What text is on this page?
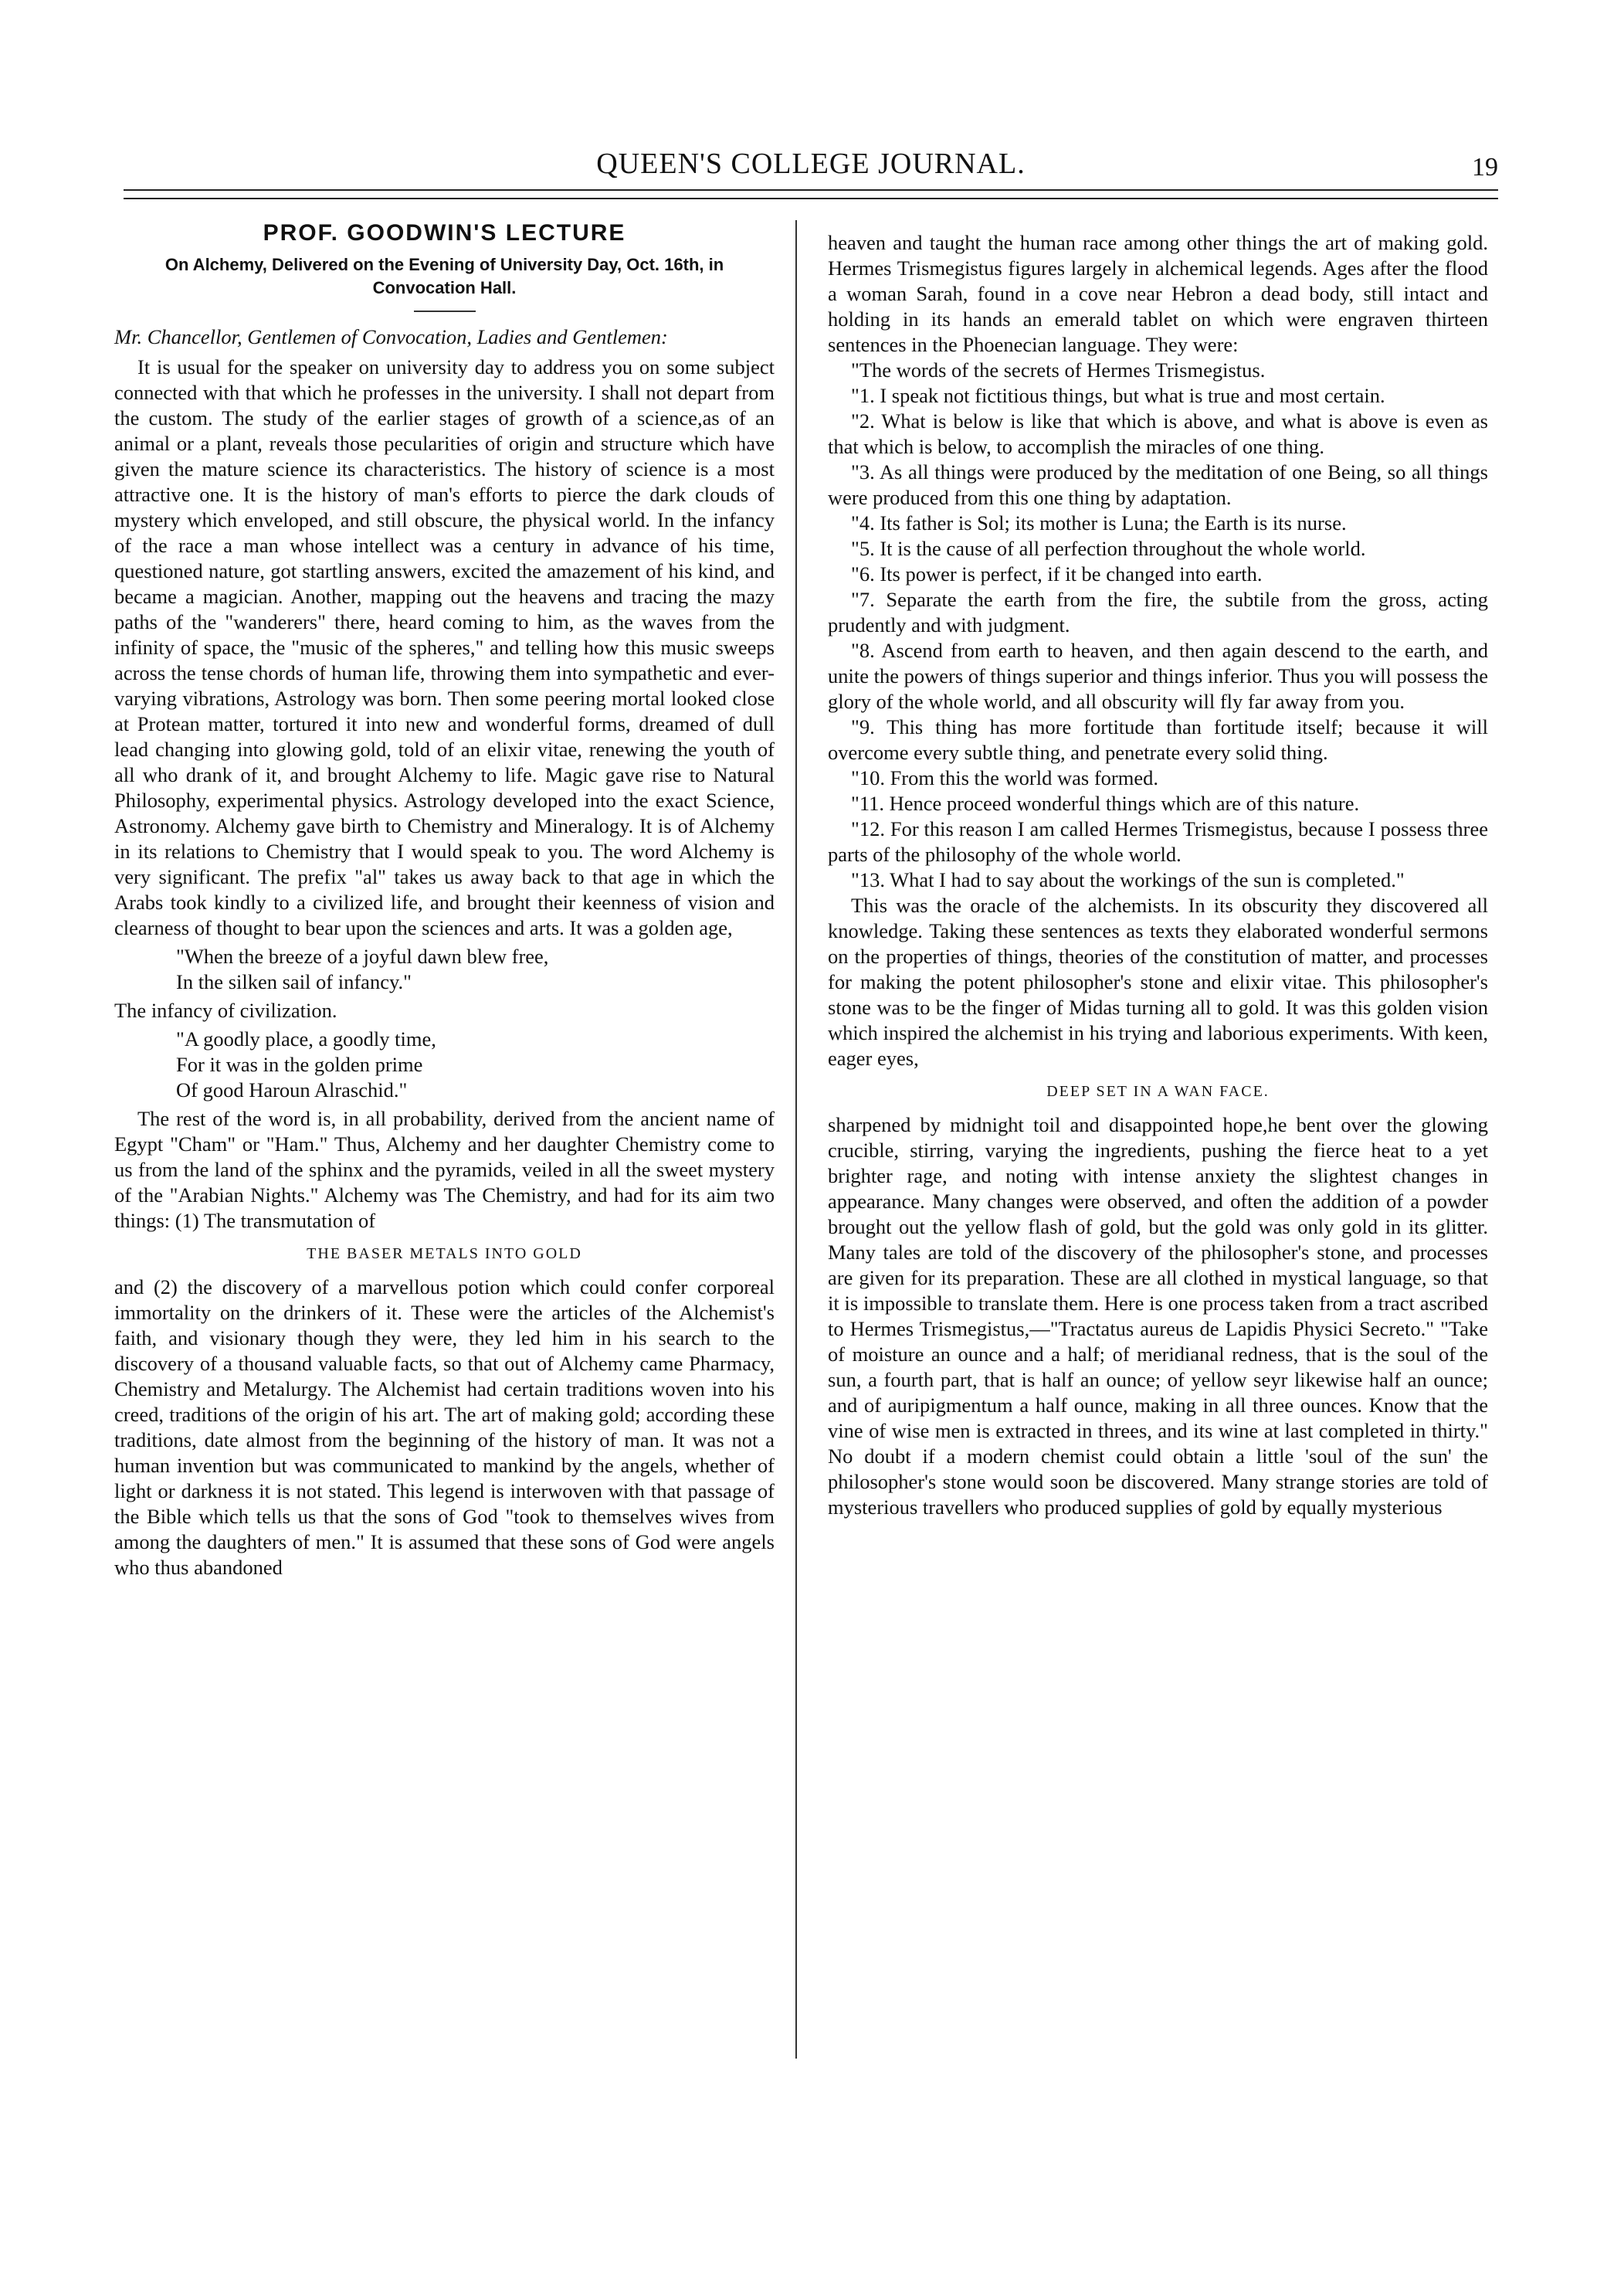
QUEEN'S COLLEGE JOURNAL.	19
PROF. GOODWIN'S LECTURE
On Alchemy, Delivered on the Evening of University Day, Oct. 16th, in Convocation Hall.
Mr. Chancellor, Gentlemen of Convocation, Ladies and Gentlemen:

It is usual for the speaker on university day to address you on some subject connected with that which he professes in the university. I shall not depart from the custom. The study of the earlier stages of growth of a science,as of an animal or a plant, reveals those pecularities of origin and structure which have given the mature science its characteristics. The history of science is a most attractive one. It is the history of man's efforts to pierce the dark clouds of mystery which enveloped, and still obscure, the physical world. In the infancy of the race a man whose intellect was a century in advance of his time, questioned nature, got startling answers, excited the amazement of his kind, and became a magician. Another, mapping out the heavens and tracing the mazy paths of the "wanderers" there, heard coming to him, as the waves from the infinity of space, the "music of the spheres," and telling how this music sweeps across the tense chords of human life, throwing them into sympathetic and ever-varying vibrations, Astrology was born. Then some peering mortal looked close at Protean matter, tortured it into new and wonderful forms, dreamed of dull lead changing into glowing gold, told of an elixir vitae, renewing the youth of all who drank of it, and brought Alchemy to life. Magic gave rise to Natural Philosophy, experimental physics. Astrology developed into the exact Science, Astronomy. Alchemy gave birth to Chemistry and Mineralogy. It is of Alchemy in its relations to Chemistry that I would speak to you. The word Alchemy is very significant. The prefix "al" takes us away back to that age in which the Arabs took kindly to a civilized life, and brought their keenness of vision and clearness of thought to bear upon the sciences and arts. It was a golden age,

"When the breeze of a joyful dawn blew free,
In the silken sail of infancy."

The infancy of civilization.

"A goodly place, a goodly time,
For it was in the golden prime
Of good Haroun Alraschid."

The rest of the word is, in all probability, derived from the ancient name of Egypt "Cham" or "Ham." Thus, Alchemy and her daughter Chemistry come to us from the land of the sphinx and the pyramids, veiled in all the sweet mystery of the "Arabian Nights." Alchemy was The Chemistry, and had for its aim two things: (1) The transmutation of

THE BASER METALS INTO GOLD

and (2) the discovery of a marvellous potion which could confer corporeal immortality on the drinkers of it. These were the articles of the Alchemist's faith, and visionary though they were, they led him in his search to the discovery of a thousand valuable facts, so that out of Alchemy came Pharmacy, Chemistry and Metalurgy. The Alchemist had certain traditions woven into his creed, traditions of the origin of his art. The art of making gold; according these traditions, date almost from the beginning of the history of man. It was not a human invention but was communicated to mankind by the angels, whether of light or darkness it is not stated. This legend is interwoven with that passage of the Bible which tells us that the sons of God "took to themselves wives from among the daughters of men." It is assumed that these sons of God were angels who thus abandoned

heaven and taught the human race among other things the art of making gold. Hermes Trismegistus figures largely in alchemical legends. Ages after the flood a woman Sarah, found in a cove near Hebron a dead body, still intact and holding in its hands an emerald tablet on which were engraven thirteen sentences in the Phoenecian language. They were:

"The words of the secrets of Hermes Trismegistus.

"1. I speak not fictitious things, but what is true and most certain.

"2. What is below is like that which is above, and what is above is even as that which is below, to accomplish the miracles of one thing.

"3. As all things were produced by the meditation of one Being, so all things were produced from this one thing by adaptation.

"4. Its father is Sol; its mother is Luna; the Earth is its nurse.

"5. It is the cause of all perfection throughout the whole world.

"6. Its power is perfect, if it be changed into earth.

"7. Separate the earth from the fire, the subtile from the gross, acting prudently and with judgment.

"8. Ascend from earth to heaven, and then again descend to the earth, and unite the powers of things superior and things inferior. Thus you will possess the glory of the whole world, and all obscurity will fly far away from you.

"9. This thing has more fortitude than fortitude itself; because it will overcome every subtle thing, and penetrate every solid thing.

"10. From this the world was formed.

"11. Hence proceed wonderful things which are of this nature.

"12. For this reason I am called Hermes Trismegistus, because I possess three parts of the philosophy of the whole world.

"13. What I had to say about the workings of the sun is completed."

This was the oracle of the alchemists. In its obscurity they discovered all knowledge. Taking these sentences as texts they elaborated wonderful sermons on the properties of things, theories of the constitution of matter, and processes for making the potent philosopher's stone and elixir vitae. This philosopher's stone was to be the finger of Midas turning all to gold. It was this golden vision which inspired the alchemist in his trying and laborious experiments. With keen, eager eyes,

DEEP SET IN A WAN FACE.

sharpened by midnight toil and disappointed hope,he bent over the glowing crucible, stirring, varying the ingredients, pushing the fierce heat to a yet brighter rage, and noting with intense anxiety the slightest changes in appearance. Many changes were observed, and often the addition of a powder brought out the yellow flash of gold, but the gold was only gold in its glitter. Many tales are told of the discovery of the philosopher's stone, and processes are given for its preparation. These are all clothed in mystical language, so that it is impossible to translate them. Here is one process taken from a tract ascribed to Hermes Trismegistus,—"Tractatus aureus de Lapidis Physici Secreto." "Take of moisture an ounce and a half; of meridianal redness, that is the soul of the sun, a fourth part, that is half an ounce; of yellow seyr likewise half an ounce; and of auripigmentum a half ounce, making in all three ounces. Know that the vine of wise men is extracted in threes, and its wine at last completed in thirty." No doubt if a modern chemist could obtain a little 'soul of the sun' the philosopher's stone would soon be discovered. Many strange stories are told of mysterious travellers who produced supplies of gold by equally mysterious
